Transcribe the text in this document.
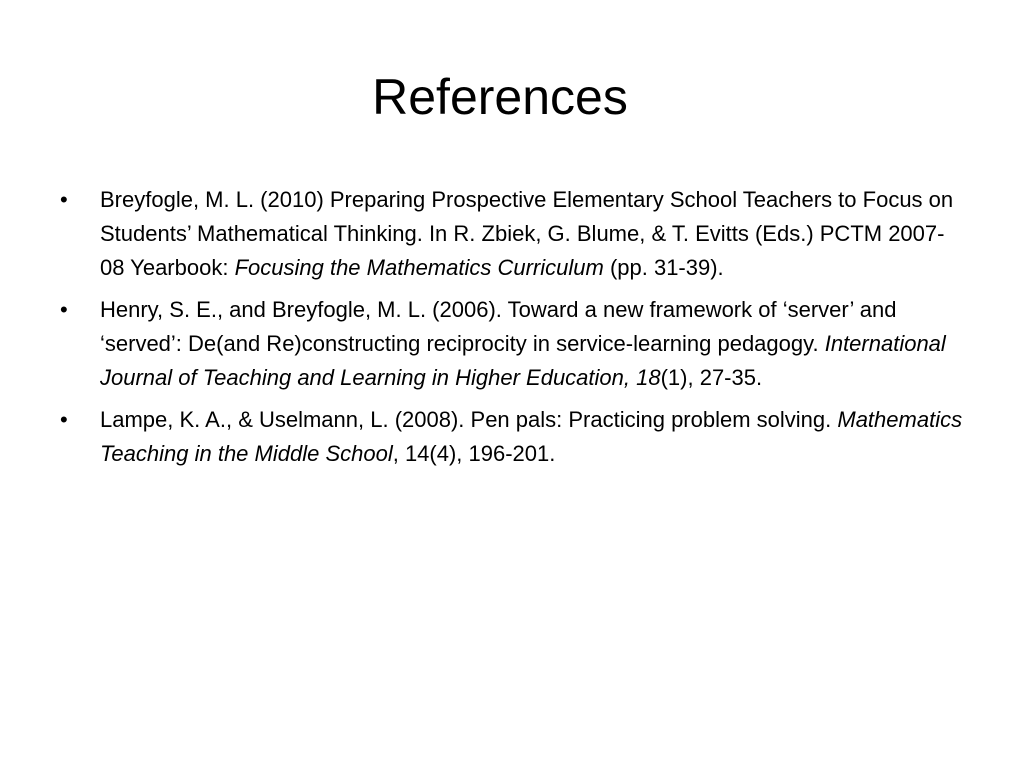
References
• Breyfogle, M. L. (2010) Preparing Prospective Elementary School Teachers to Focus on Students’ Mathematical Thinking. In R. Zbiek, G. Blume, & T. Evitts (Eds.) PCTM 2007-08 Yearbook: Focusing the Mathematics Curriculum (pp. 31-39).
• Henry, S. E., and Breyfogle, M. L. (2006). Toward a new framework of ‘server’ and ‘served’: De(and Re)constructing reciprocity in service-learning pedagogy. International Journal of Teaching and Learning in Higher Education, 18(1), 27-35.
• Lampe, K. A., & Uselmann, L. (2008). Pen pals: Practicing problem solving. Mathematics Teaching in the Middle School, 14(4), 196-201.
